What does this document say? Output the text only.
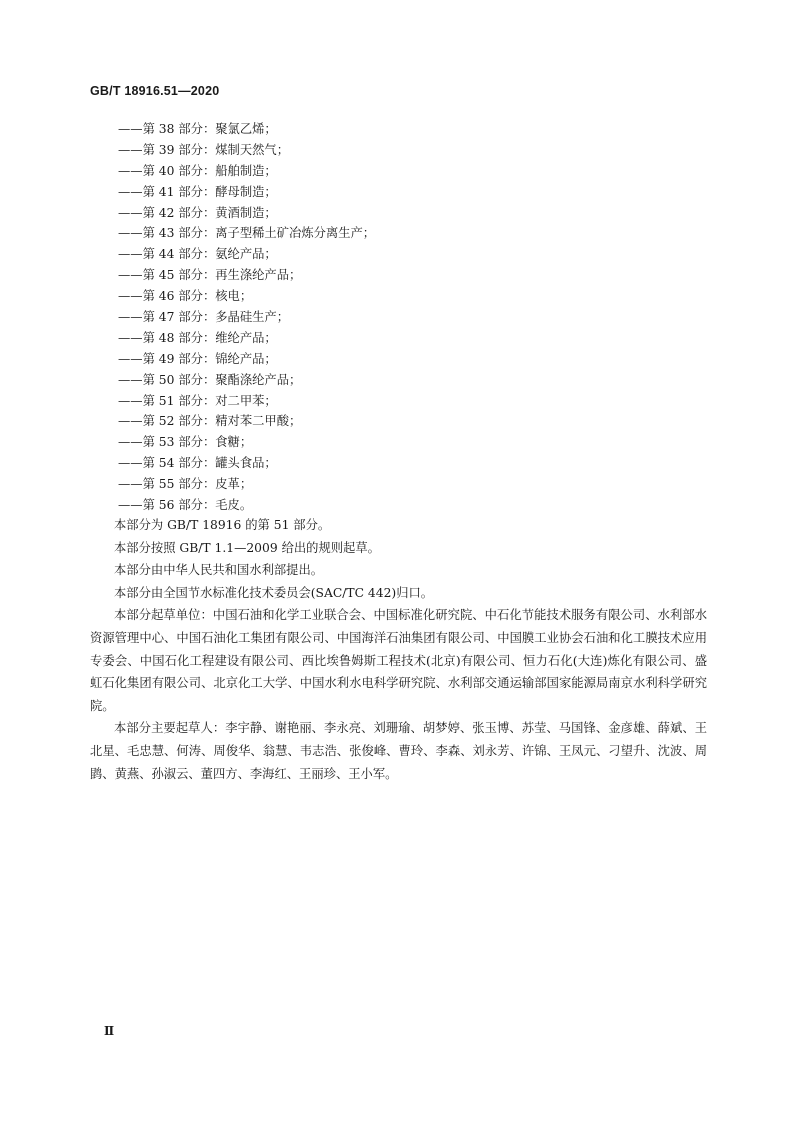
GB/T 18916.51—2020
——第 38 部分：聚氯乙烯；
——第 39 部分：煤制天然气；
——第 40 部分：船舶制造；
——第 41 部分：酵母制造；
——第 42 部分：黄酒制造；
——第 43 部分：离子型稀土矿冶炼分离生产；
——第 44 部分：氨纶产品；
——第 45 部分：再生涤纶产品；
——第 46 部分：核电；
——第 47 部分：多晶硅生产；
——第 48 部分：维纶产品；
——第 49 部分：锦纶产品；
——第 50 部分：聚酯涤纶产品；
——第 51 部分：对二甲苯；
——第 52 部分：精对苯二甲酸；
——第 53 部分：食糖；
——第 54 部分：罐头食品；
——第 55 部分：皮革；
——第 56 部分：毛皮。

本部分为 GB/T 18916 的第 51 部分。

本部分按照 GB/T 1.1—2009 给出的规则起草。

本部分由中华人民共和国水利部提出。

本部分由全国节水标准化技术委员会(SAC/TC 442)归口。

本部分起草单位：中国石油和化学工业联合会、中国标准化研究院、中石化节能技术服务有限公司、水利部水资源管理中心、中国石油化工集团有限公司、中国海洋石油集团有限公司、中国膜工业协会石油和化工膜技术应用专委会、中国石化工程建设有限公司、西比埃鲁姆斯工程技术(北京)有限公司、恒力石化(大连)炼化有限公司、盛虹石化集团有限公司、北京化工大学、中国水利水电科学研究院、水利部交通运输部国家能源局南京水利科学研究院。

本部分主要起草人：李宇静、谢艳丽、李永亮、刘珊瑜、胡梦婷、张玉博、苏莹、马国锋、金彦雄、薛斌、王北星、毛忠慧、何涛、周俊华、翁慧、韦志浩、张俊峰、曹玲、李森、刘永芳、许锦、王凤元、刁望升、沈波、周鹍、黄燕、孙淑云、董四方、李海红、王丽珍、王小军。

Ⅱ
